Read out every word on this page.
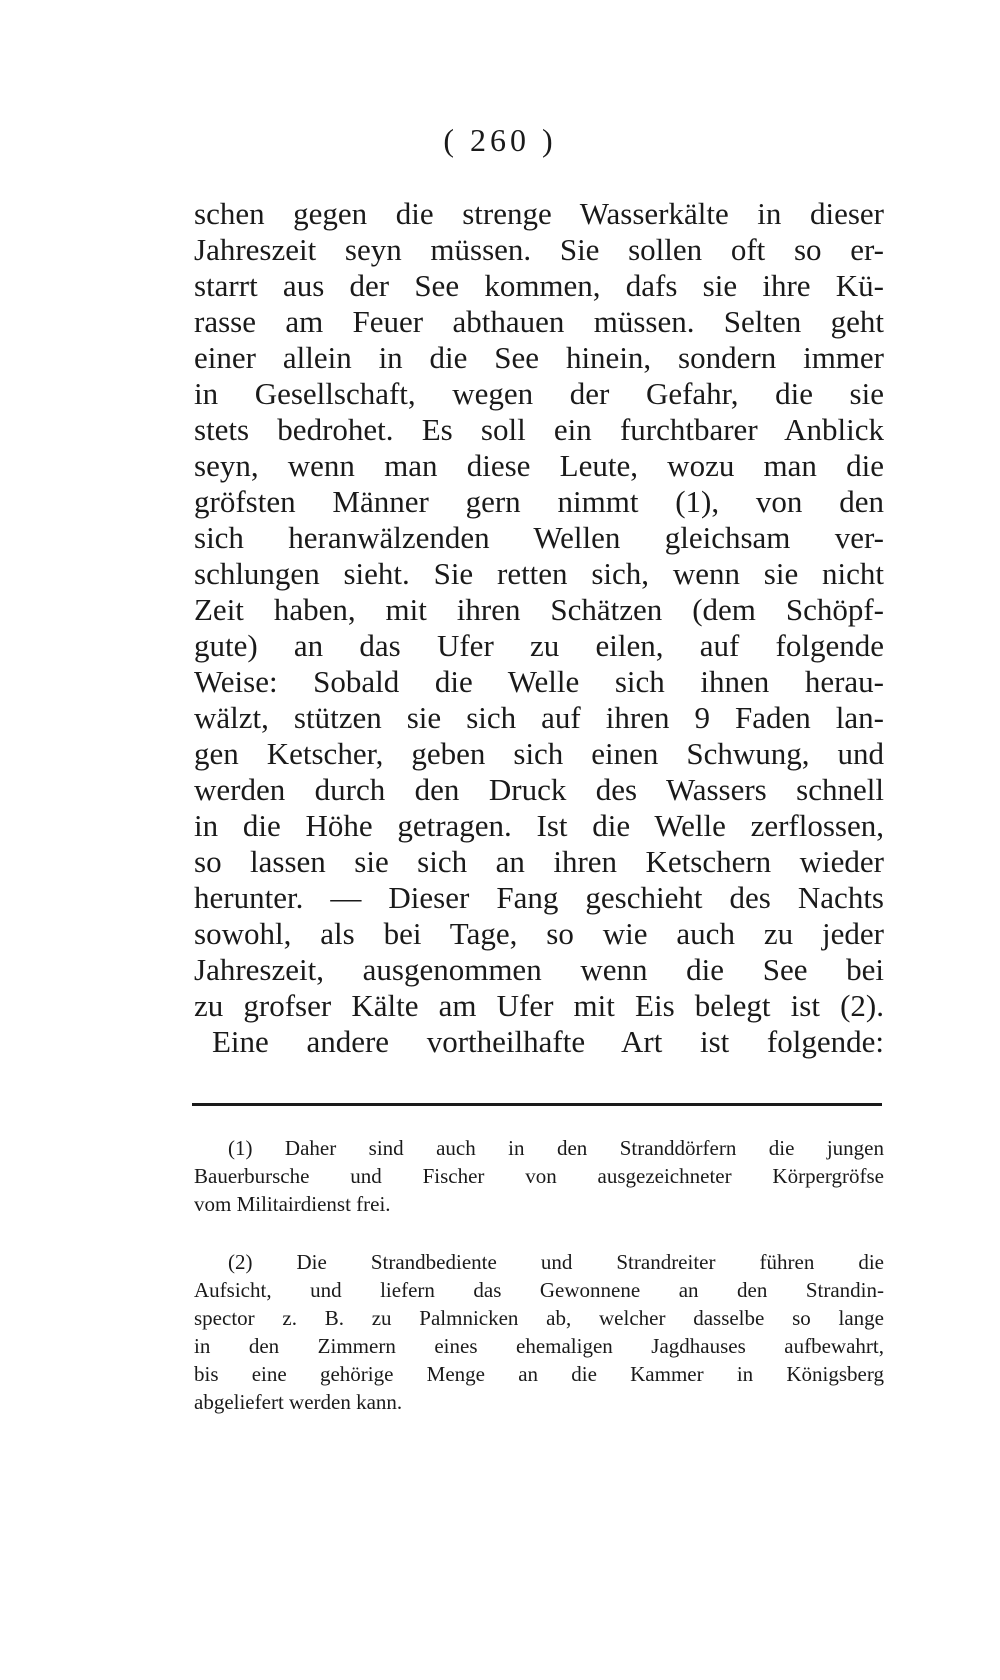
( 260 )
schen gegen die strenge Wasserkälte in dieser
Jahreszeit seyn müssen. Sie sollen oft so er-
starrt aus der See kommen, dafs sie ihre Kü-
rasse am Feuer abthauen müssen. Selten geht
einer allein in die See hinein, sondern immer
in Gesellschaft, wegen der Gefahr, die sie
stets bedrohet. Es soll ein furchtbarer Anblick
seyn, wenn man diese Leute, wozu man die
gröfsten Männer gern nimmt (1), von den
sich heranwälzenden Wellen gleichsam ver-
schlungen sieht. Sie retten sich, wenn sie nicht
Zeit haben, mit ihren Schätzen (dem Schöpf-
gute) an das Ufer zu eilen, auf folgende
Weise: Sobald die Welle sich ihnen herau-
wälzt, stützen sie sich auf ihren 9 Faden lan-
gen Ketscher, geben sich einen Schwung, und
werden durch den Druck des Wassers schnell
in die Höhe getragen. Ist die Welle zerflossen,
so lassen sie sich an ihren Ketschern wieder
herunter. — Dieser Fang geschieht des Nachts
sowohl, als bei Tage, so wie auch zu jeder
Jahreszeit, ausgenommen wenn die See bei
zu grofser Kälte am Ufer mit Eis belegt ist (2).
Eine andere vortheilhafte Art ist folgende:
(1) Daher sind auch in den Stranddörfern die jungen
Bauerbursche und Fischer von ausgezeichneter Körpergröfse
vom Militairdienst frei.
(2) Die Strandbediente und Strandreiter führen die
Aufsicht, und liefern das Gewonnene an den Strandin-
spector z. B. zu Palmnicken ab, welcher dasselbe so lange
in den Zimmern eines ehemaligen Jagdhauses aufbewahrt,
bis eine gehörige Menge an die Kammer in Königsberg
abgeliefert werden kann.
